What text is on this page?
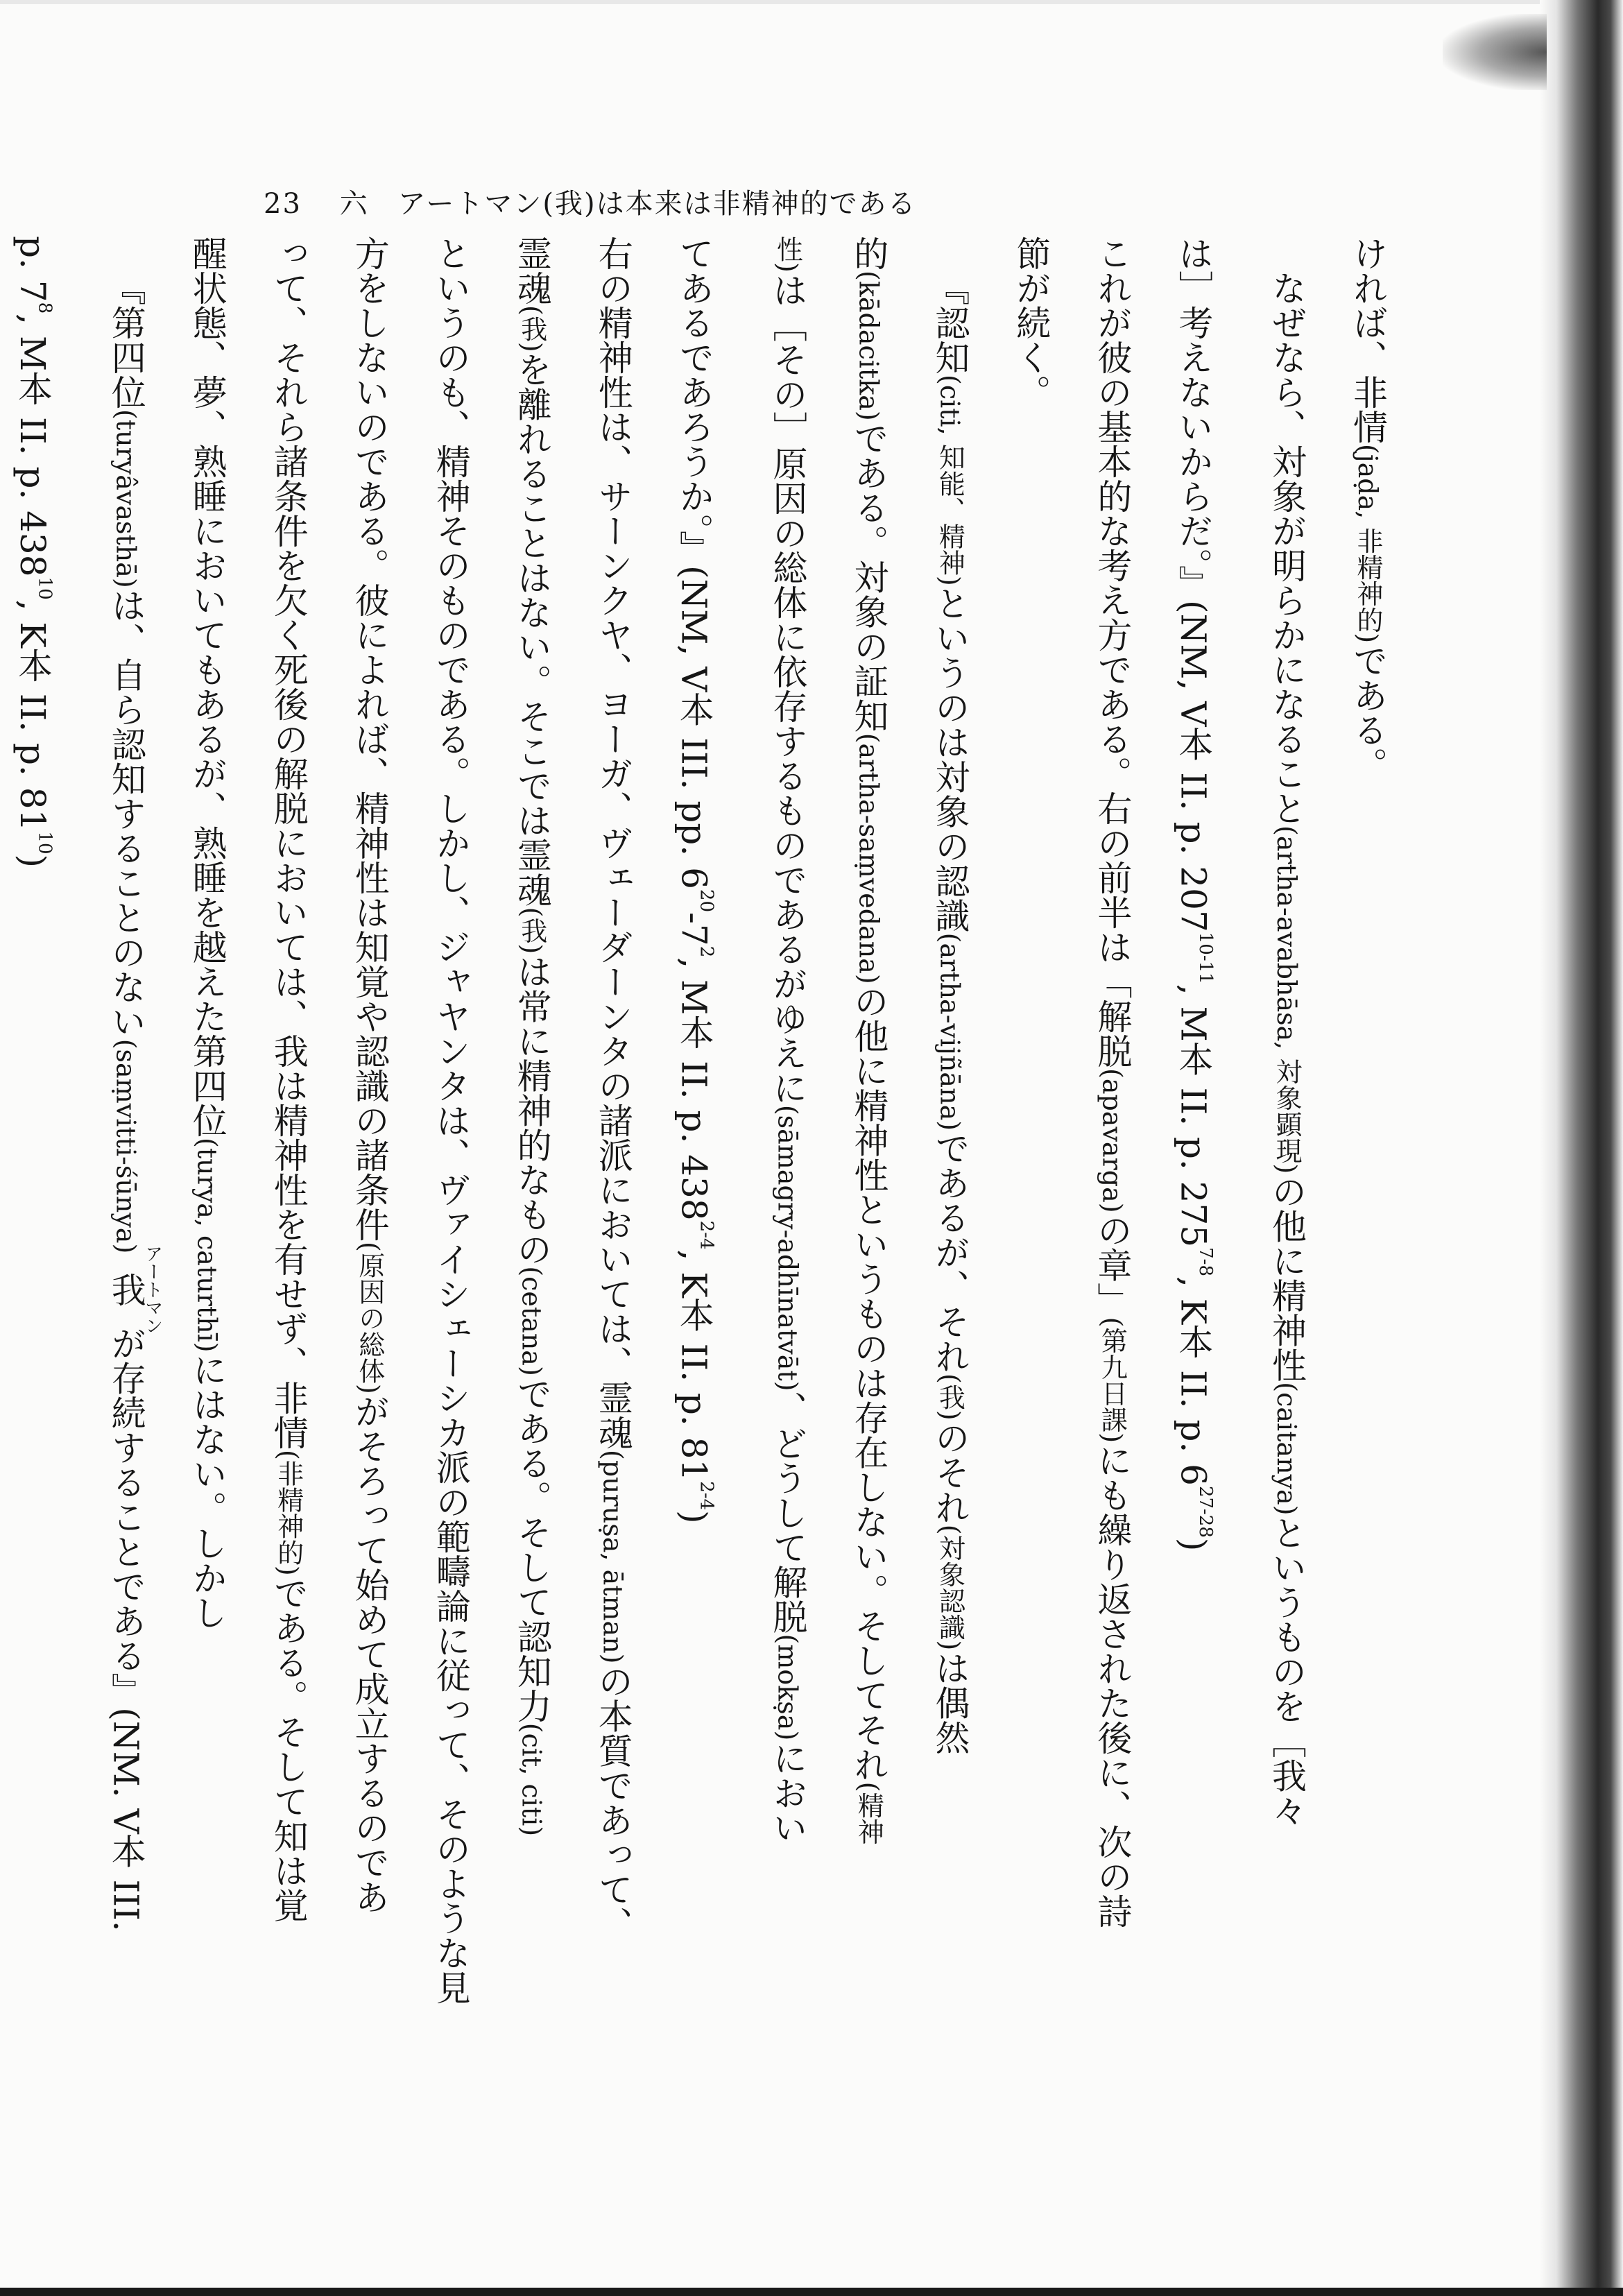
23 六　アートマン(我)は本来は非精神的である

ければ、非情(jaḍa, 非精神的)である。

なぜなら、対象が明らかになること(artha-avabhāsa, 対象顕現)の他に精神性(caitanya)というものを［我々

は］考えないからだ。』(NM, V本 II. p. 207$^{10-11}$, M本 II. p. 275$^{7-8}$, K本 II. p. 6$^{27-28}$)

これが彼の基本的な考え方である。右の前半は「解脱(apavarga)の章」(第九日課)にも繰り返された後に、次の詩

節が続く。

『認知(citi, 知能、精神)というのは対象の認識(artha-vijñāna)であるが、それ(我)のそれ(対象認識)は偶然

的(kādacitka)である。対象の証知(artha-saṃvedana)の他に精神性というものは存在しない。そしてそれ(精神

性)は［その］原因の総体に依存するものであるがゆえに(sāmagry-adhīnatvāt)、どうして解脱(mokṣa)におい

てあるであろうか。』(NM, V本 III. pp. $6^{20}-7^2$, M本 II. p. 438$^{2-4}$, K本 II. p. 81$^{2-4}$)

右の精神性は、サーンクヤ、ヨーガ、ヴェーダーンタの諸派においては、霊魂(puruṣa, ātman)の本質であって、

霊魂(我)を離れることはない。そこでは霊魂(我)は常に精神的なもの(cetana)である。そして認知力(cit, citi)

というのも、精神そのものである。しかし、ジャヤンタは、ヴァイシェーシカ派の範疇論に従って、そのような見

方をしないのである。彼によれば、精神性は知覚や認識の諸条件(原因の総体)がそろって始めて成立するのであ

って、それら諸条件を欠く死後の解脱においては、我は精神性を有せず、非情(非精神的)である。そして知は覚

醒状態、夢、熟睡においてもあるが、熟睡を越えた第四位(turya, caturthī)にはない。しかし

『第四位(turyâvasthā)は、自ら認知することのない(saṃvitti-śūnya)我アートマンが存続することである』(NM. V本 III.

p. $7^8$, M本 II. p. $438^{10}$, K本 II. p. $81^{10}$)
